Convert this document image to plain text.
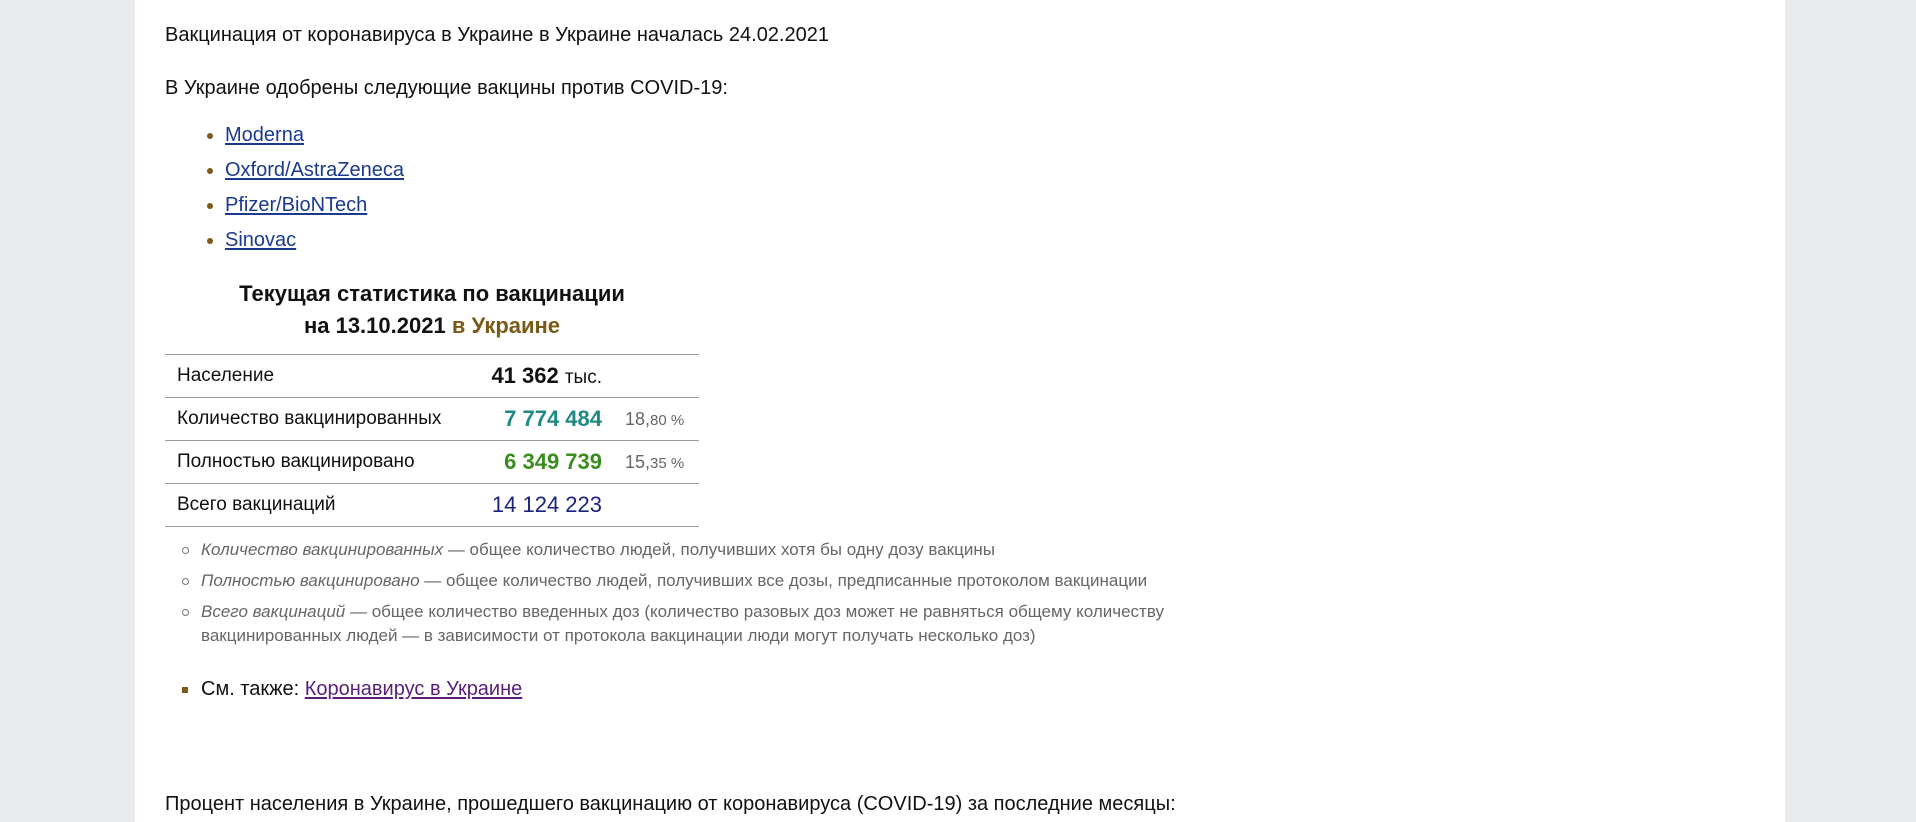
Вакцинация от коронавируса в Украине в Украине началась 24.02.2021

В Украине одобрены следующие вакцины против COVID-19:

Moderna
Oxford/AstraZeneca
Pfizer/BioNTech
Sinovac
Текущая статистика по вакцинации
на 13.10.2021 в Украине
Население	41 362 тыс.
Количество вакцинированных	7 774 484 18,80 %
Полностью вакцинировано	6 349 739 15,35 %
Всего вакцинаций	14 124 223
Количество вакцинированных — общее количество людей, получивших хотя бы одну дозу вакцины
Полностью вакцинировано — общее количество людей, получивших все дозы, предписанные протоколом вакцинации
Всего вакцинаций — общее количество введенных доз (количество разовых доз может не равняться общему количеству вакцинированных людей — в зависимости от протокола вакцинации люди могут получать несколько доз)
См. также: Коронавирус в Украине

Процент населения в Украине, прошедшего вакцинацию от коронавируса (COVID-19) за последние месяцы:
